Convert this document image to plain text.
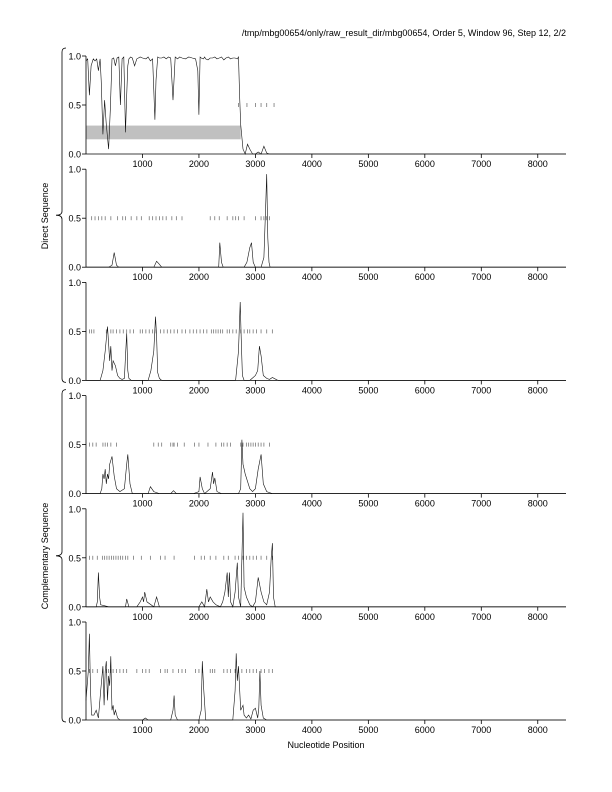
/tmp/mbg00654/only/raw_result_dir/mbg00654, Order 5, Window 96, Step 12, 2/2
Direct Sequence
Complementary Sequence
0.0
0.5
1.0
1000	2000	3000	4000	5000	6000	7000	8000
0.0
0.5
1.0
1000	2000	3000	4000	5000	6000	7000	8000
0.0
0.5
1.0
1000	2000	3000	4000	5000	6000	7000	8000
0.0
0.5
1.0
1000	2000	3000	4000	5000	6000	7000	8000
0.0
0.5
1.0
1000	2000	3000	4000	5000	6000	7000	8000
0.0
0.5
1.0
1000	2000	3000	4000	5000	6000	7000	8000
Nucleotide Position
